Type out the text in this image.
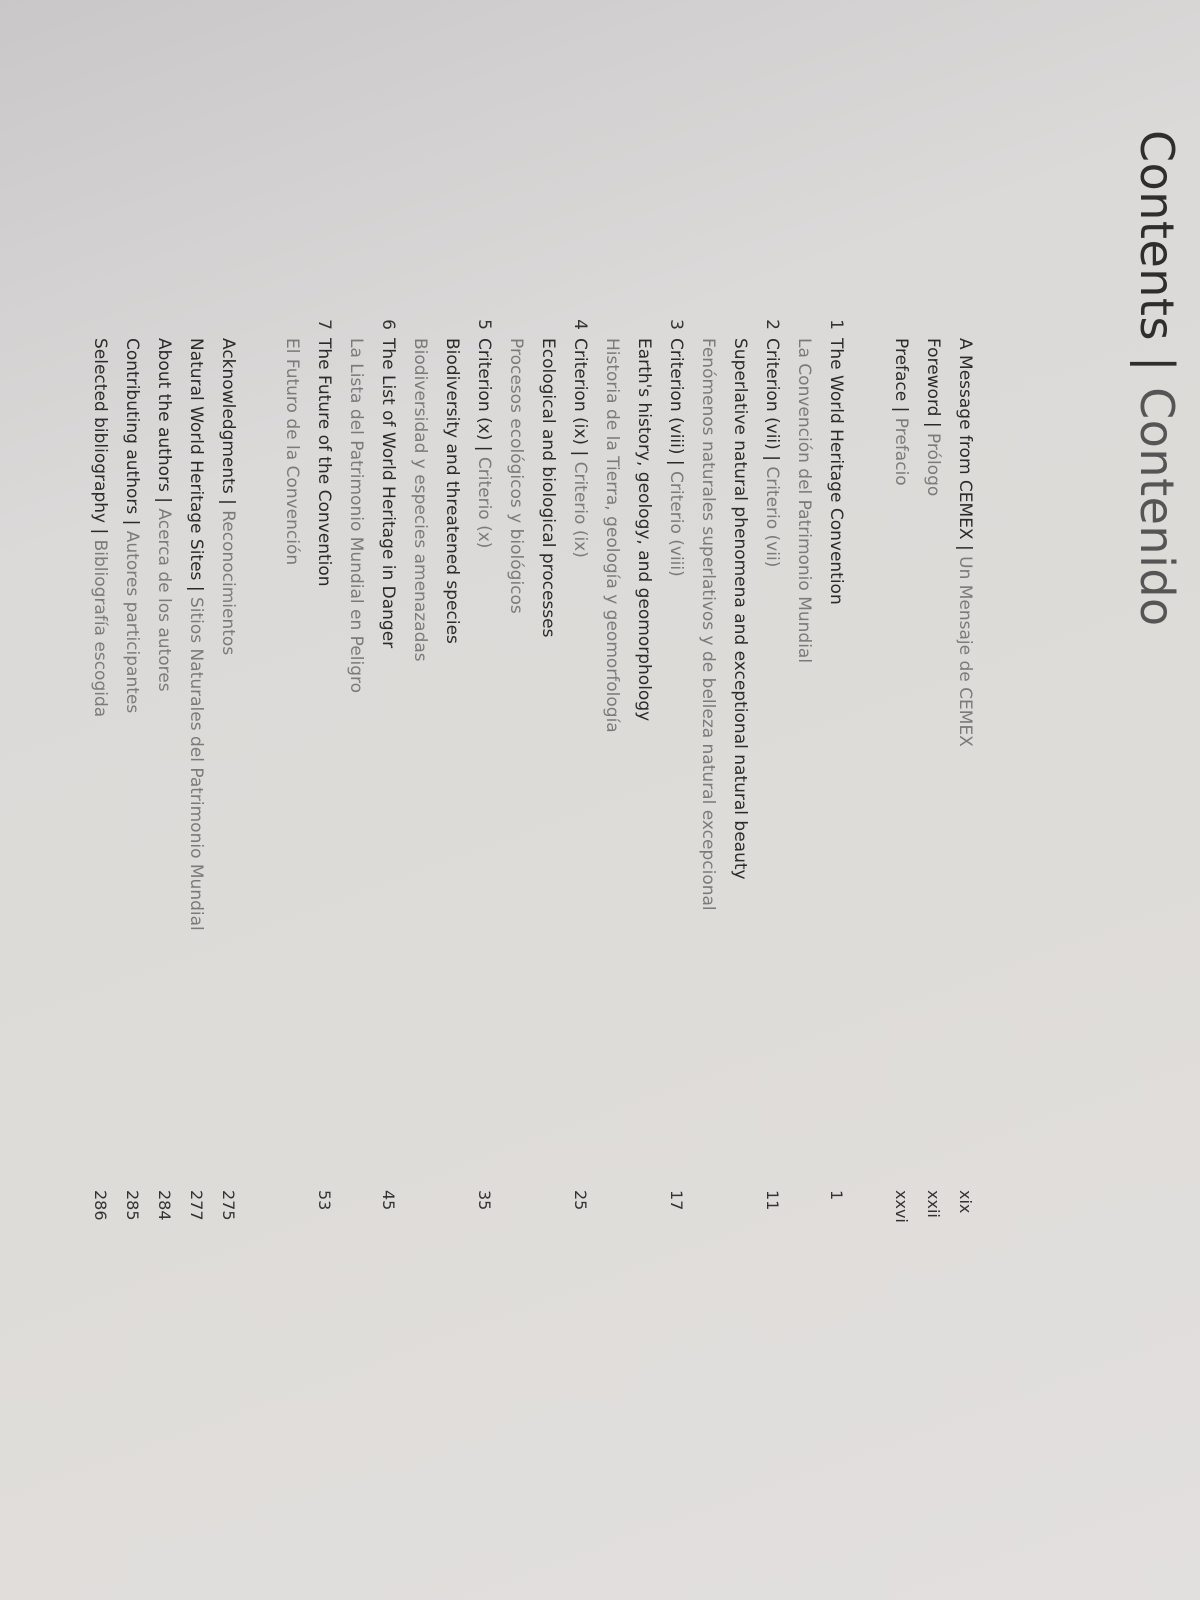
Contents | Contenido
A Message from CEMEX | Un Mensaje de CEMEX
xix
Foreword | Prólogo
xxii
Preface | Prefacio
xxvi
1
The World Heritage Convention
1
La Convención del Patrimonio Mundial
2
Criterion (vii) | Criterio (vii)
11
Superlative natural phenomena and exceptional natural beauty
Fenómenos naturales superlativos y de belleza natural excepcional
3
Criterion (viii) | Criterio (viii)
17
Earth's history, geology, and geomorphology
Historia de la Tierra, geología y geomorfología
4
Criterion (ix) | Criterio (ix)
25
Ecological and biological processes
Procesos ecológicos y biológicos
5
Criterion (x) | Criterio (x)
35
Biodiversity and threatened species
Biodiversidad y especies amenazadas
6
The List of World Heritage in Danger
45
La Lista del Patrimonio Mundial en Peligro
7
The Future of the Convention
53
El Futuro de la Convención
Acknowledgments | Reconocimientos
275
Natural World Heritage Sites | Sitios Naturales del Patrimonio Mundial
277
About the authors | Acerca de los autores
284
Contributing authors | Autores participantes
285
Selected bibliography | Bibliografía escogida
286
